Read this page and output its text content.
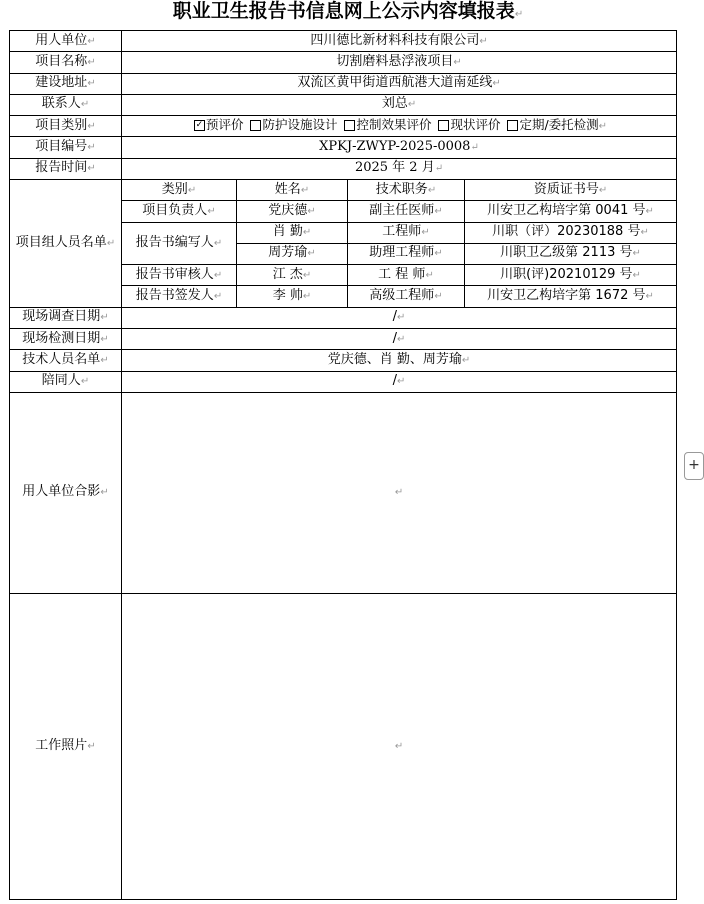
职业卫生报告书信息网上公示内容填报表↵
用人单位↵	四川德比新材料科技有限公司↵			
项目名称↵	切割磨料悬浮液项目↵			
建设地址↵	双流区黄甲街道西航港大道南延线↵			
联系人↵	刘总↵			
项目类别↵	✓ 预评价 防护设施设计 控制效果评价 现状评价 定期/委托检测↵			
项目编号↵	XPKJ-ZWYP-2025-0008↵			
报告时间↵	2025 年 2 月↵			
项目组人员名单↵	类别↵	姓名↵	技术职务↵	资质证书号↵
	项目负责人↵	党庆德↵	副主任医师↵	川安卫乙构培字第 0041 号↵
	报告书编写人↵	肖 勤↵	工程师↵	川职（评）20230188 号↵
		周芳瑜↵	助理工程师↵	川职卫乙级第 2113 号↵
	报告书审核人↵	江 杰↵	工 程 师↵	川职(评)20210129 号↵
	报告书签发人↵	李 帅↵	高级工程师↵	川安卫乙构培字第 1672 号↵
现场调查日期↵	/↵			
现场检测日期↵	/↵			
技术人员名单↵	党庆德、肖 勤、周芳瑜↵			
陪同人↵	/↵			
用人单位合影↵	↵			
工作照片↵	↵			
+
